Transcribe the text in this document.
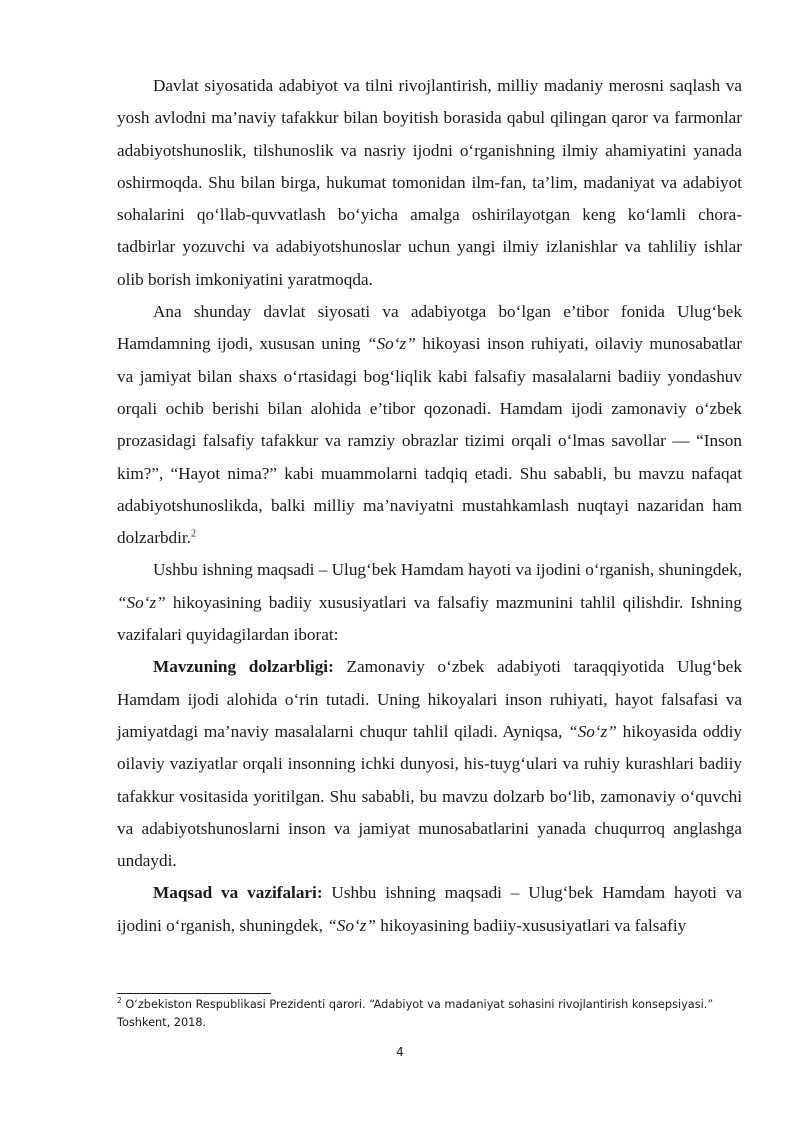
Davlat siyosatida adabiyot va tilni rivojlantirish, milliy madaniy merosni saqlash va yosh avlodni ma’naviy tafakkur bilan boyitish borasida qabul qilingan qaror va farmonlar adabiyotshunoslik, tilshunoslik va nasriy ijodni o‘rganishning ilmiy ahamiyatini yanada oshirmoqda. Shu bilan birga, hukumat tomonidan ilm-fan, ta’lim, madaniyat va adabiyot sohalarini qo‘llab-quvvatlash bo‘yicha amalga oshirilayotgan keng ko‘lamli chora-tadbirlar yozuvchi va adabiyotshunoslar uchun yangi ilmiy izlanishlar va tahliliy ishlar olib borish imkoniyatini yaratmoqda.

Ana shunday davlat siyosati va adabiyotga bo‘lgan e’tibor fonida Ulug‘bek Hamdamning ijodi, xususan uning “So‘z” hikoyasi inson ruhiyati, oilaviy munosabatlar va jamiyat bilan shaxs o‘rtasidagi bog‘liqlik kabi falsafiy masalalarni badiiy yondashuv orqali ochib berishi bilan alohida e’tibor qozonadi. Hamdam ijodi zamonaviy o‘zbek prozasidagi falsafiy tafakkur va ramziy obrazlar tizimi orqali o‘lmas savollar — “Inson kim?”, “Hayot nima?” kabi muammolarni tadqiq etadi. Shu sababli, bu mavzu nafaqat adabiyotshunoslikda, balki milliy ma’naviyatni mustahkamlash nuqtayi nazaridan ham dolzarbdir.$^2$

Ushbu ishning maqsadi – Ulug‘bek Hamdam hayoti va ijodini o‘rganish, shuningdek, “So‘z” hikoyasining badiiy xususiyatlari va falsafiy mazmunini tahlil qilishdir. Ishning vazifalari quyidagilardan iborat:

Mavzuning dolzarbligi: Zamonaviy o‘zbek adabiyoti taraqqiyotida Ulug‘bek Hamdam ijodi alohida o‘rin tutadi. Uning hikoyalari inson ruhiyati, hayot falsafasi va jamiyatdagi ma’naviy masalalarni chuqur tahlil qiladi. Ayniqsa, “So‘z” hikoyasida oddiy oilaviy vaziyatlar orqali insonning ichki dunyosi, his-tuyg‘ulari va ruhiy kurashlari badiiy tafakkur vositasida yoritilgan. Shu sababli, bu mavzu dolzarb bo‘lib, zamonaviy o‘quvchi va adabiyotshunoslarni inson va jamiyat munosabatlarini yanada chuqurroq anglashga undaydi.

Maqsad va vazifalari: Ushbu ishning maqsadi – Ulug‘bek Hamdam hayoti va ijodini o‘rganish, shuningdek, “So‘z” hikoyasining badiiy-xususiyatlari va falsafiy

$^2$ O‘zbekiston Respublikasi Prezidenti qarori. “Adabiyot va madaniyat sohasini rivojlantirish konsepsiyasi.” Toshkent, 2018.
4
